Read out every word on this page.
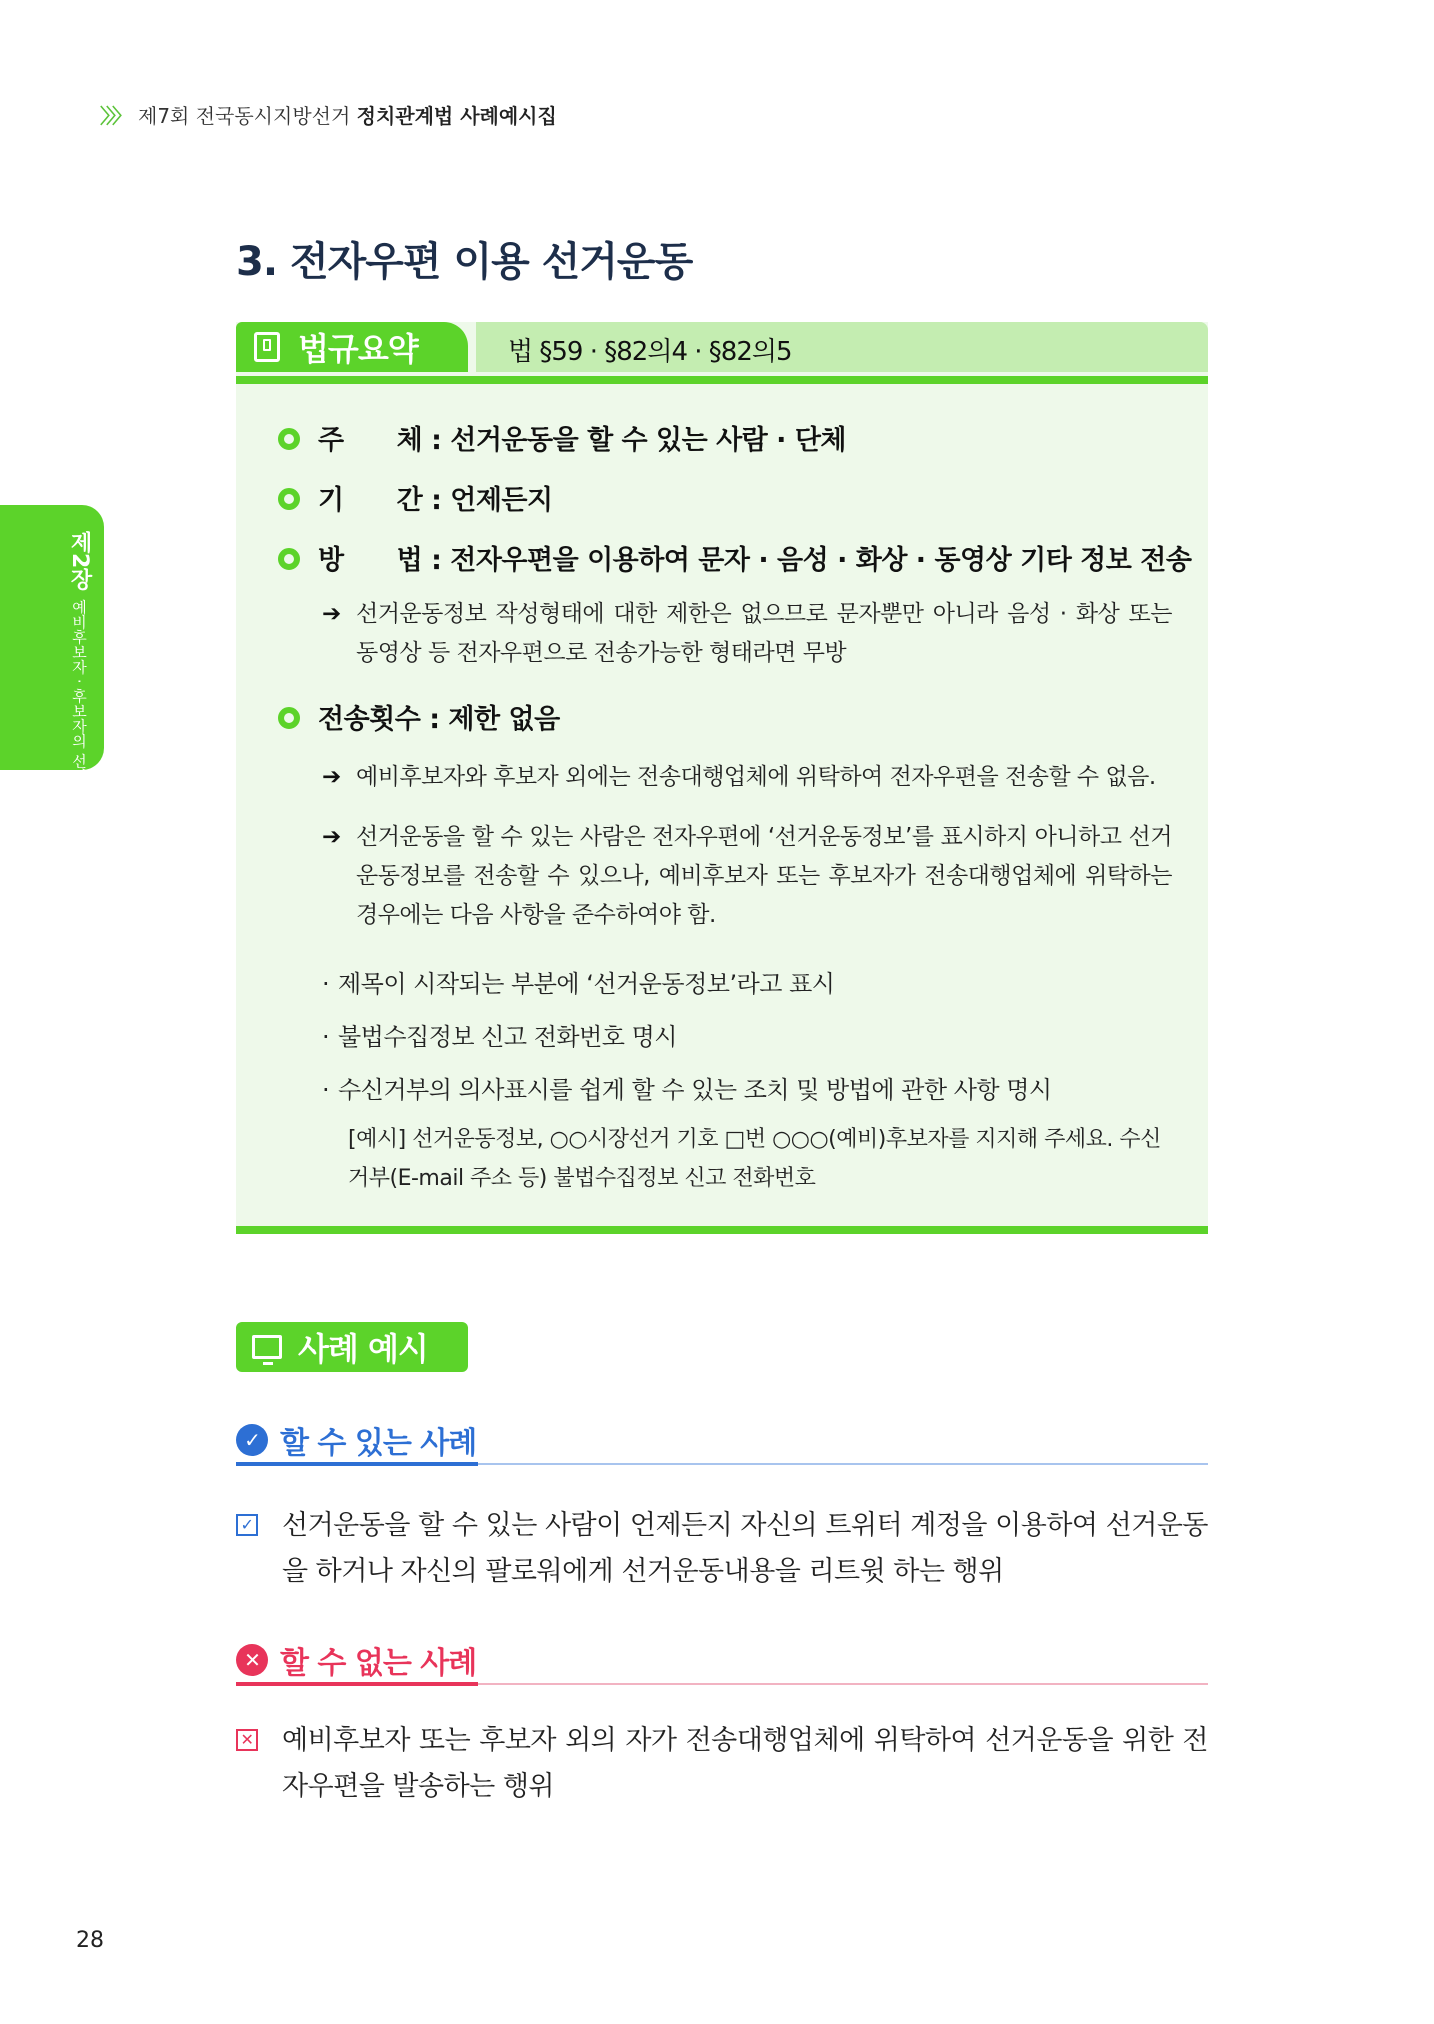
〉〉〉 제7회 전국동시지방선거 정치관계법 사례예시집
제2장 예비후보자 · 후보자의 선거운동방법
3. 전자우편 이용 선거운동
법 §59 · §82의4 · §82의5
법규요약
주　　체 : 선거운동을 할 수 있는 사람 · 단체
기　　간 : 언제든지
방　　법 : 전자우편을 이용하여 문자 · 음성 · 화상 · 동영상 기타 정보 전송
➔ 선거운동정보 작성형태에 대한 제한은 없으므로 문자뿐만 아니라 음성 · 화상 또는 동영상 등 전자우편으로 전송가능한 형태라면 무방
전송횟수 : 제한 없음
➔ 예비후보자와 후보자 외에는 전송대행업체에 위탁하여 전자우편을 전송할 수 없음.
➔ 선거운동을 할 수 있는 사람은 전자우편에 ‘선거운동정보’를 표시하지 아니하고 선거운동정보를 전송할 수 있으나, 예비후보자 또는 후보자가 전송대행업체에 위탁하는 경우에는 다음 사항을 준수하여야 함.
· 제목이 시작되는 부분에 ‘선거운동정보’라고 표시
· 불법수집정보 신고 전화번호 명시
· 수신거부의 의사표시를 쉽게 할 수 있는 조치 및 방법에 관한 사항 명시
[예시] 선거운동정보, ○○시장선거 기호 □번 ○○○(예비)후보자를 지지해 주세요. 수신거부(E-mail 주소 등) 불법수집정보 신고 전화번호
사례 예시
✓ 할 수 있는 사례
✓ 선거운동을 할 수 있는 사람이 언제든지 자신의 트위터 계정을 이용하여 선거운동을 하거나 자신의 팔로워에게 선거운동내용을 리트윗 하는 행위
✕ 할 수 없는 사례
✕ 예비후보자 또는 후보자 외의 자가 전송대행업체에 위탁하여 선거운동을 위한 전자우편을 발송하는 행위
28
